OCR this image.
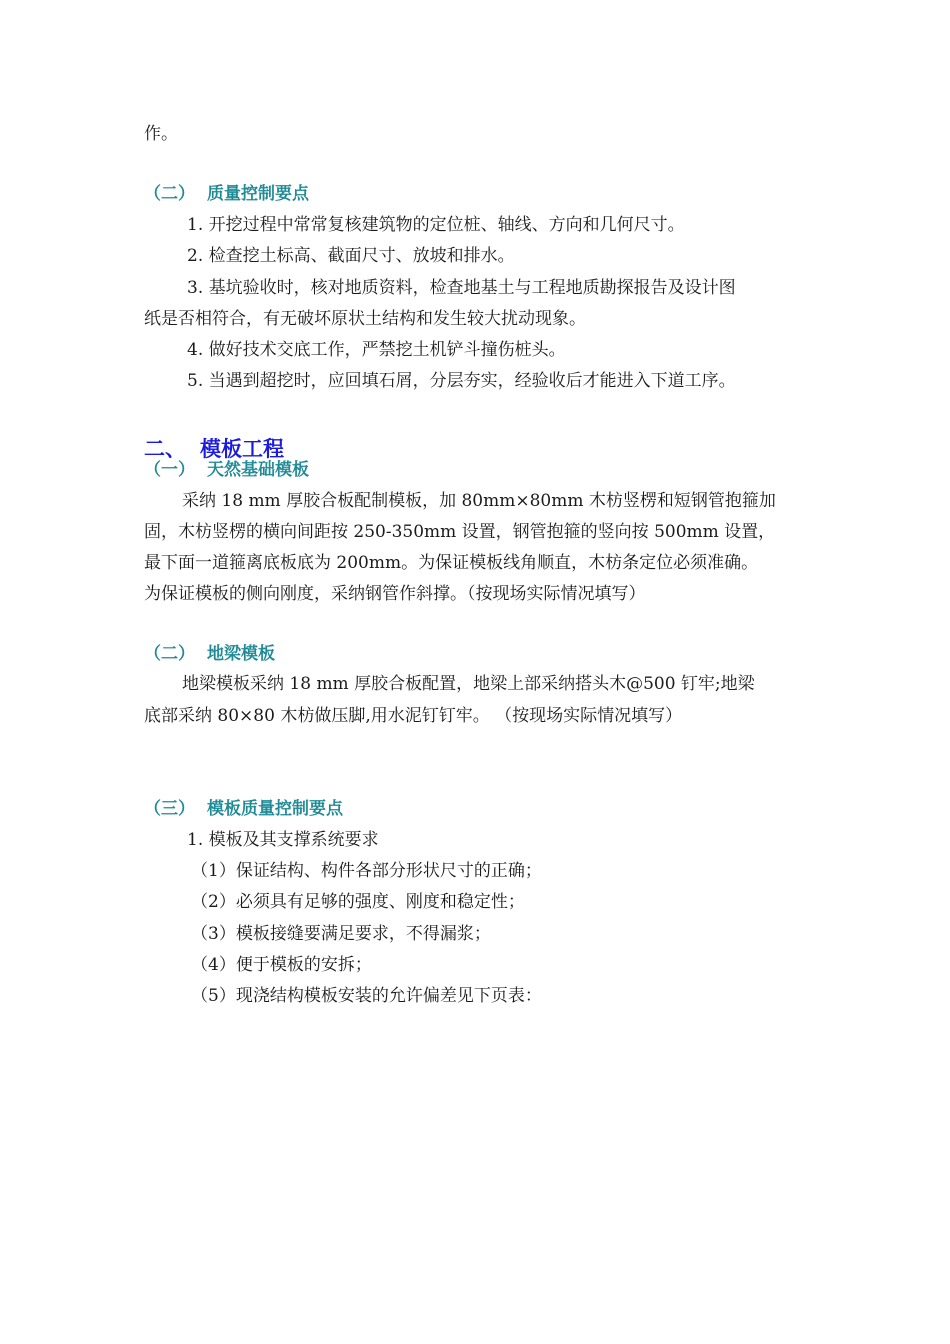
作。
（二） 质量控制要点
1. 开挖过程中常常复核建筑物的定位桩、轴线、方向和几何尺寸。
2. 检查挖土标高、截面尺寸、放坡和排水。
3. 基坑验收时，核对地质资料，检查地基土与工程地质勘探报告及设计图
纸是否相符合，有无破坏原状土结构和发生较大扰动现象。
4. 做好技术交底工作，严禁挖土机铲斗撞伤桩头。
5. 当遇到超挖时，应回填石屑，分层夯实，经验收后才能进入下道工序。
二、 模板工程
（一） 天然基础模板
采纳 18 mm 厚胶合板配制模板，加 80mm×80mm 木枋竖楞和短钢管抱箍加
固，木枋竖楞的横向间距按 250-350mm 设置，钢管抱箍的竖向按 500mm 设置，
最下面一道箍离底板底为 200mm。为保证模板线角顺直，木枋条定位必须准确。
为保证模板的侧向刚度，采纳钢管作斜撑。（按现场实际情况填写）
（二） 地梁模板
地梁模板采纳 18 mm 厚胶合板配置，地梁上部采纳搭头木@500 钉牢;地梁
底部采纳 80×80 木枋做压脚,用水泥钉钉牢。 （按现场实际情况填写）
（三） 模板质量控制要点
1. 模板及其支撑系统要求
（1）保证结构、构件各部分形状尺寸的正确；
（2）必须具有足够的强度、刚度和稳定性；
（3）模板接缝要满足要求，不得漏浆；
（4）便于模板的安拆；
（5）现浇结构模板安装的允许偏差见下页表：
